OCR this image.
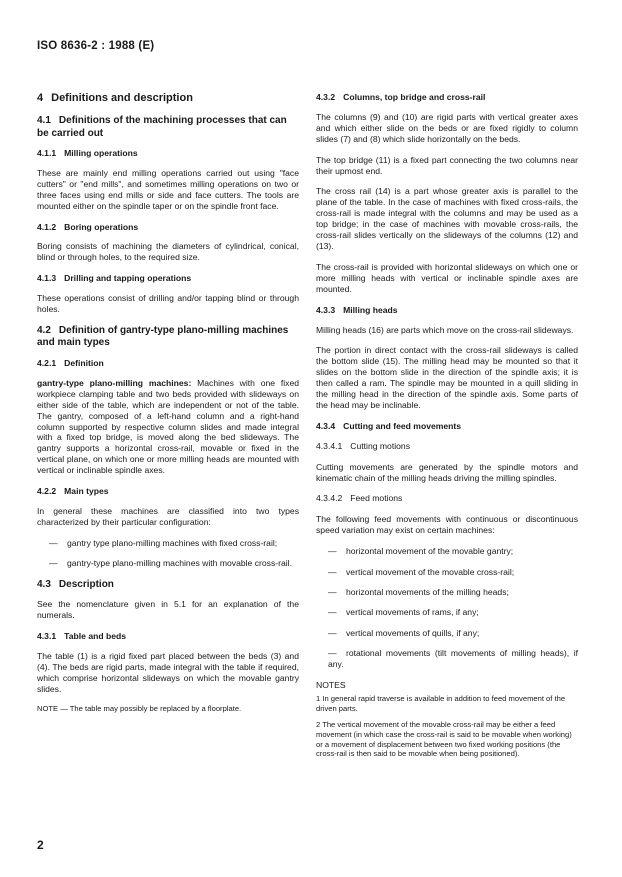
ISO 8636-2 : 1988 (E)
4 Definitions and description
4.1 Definitions of the machining processes that can be carried out
4.1.1 Milling operations

These are mainly end milling operations carried out using "face cutters" or "end mills", and sometimes milling operations on two or three faces using end mills or side and face cutters. The tools are mounted either on the spindle taper or on the spindle front face.

4.1.2 Boring operations

Boring consists of machining the diameters of cylindrical, conical, blind or through holes, to the required size.

4.1.3 Drilling and tapping operations

These operations consist of drilling and/or tapping blind or through holes.

4.2 Definition of gantry-type plano-milling machines and main types
4.2.1 Definition

gantry-type plano-milling machines: Machines with one fixed workpiece clamping table and two beds provided with slideways on either side of the table, which are independent or not of the table. The gantry, composed of a left-hand column and a right-hand column supported by respective column slides and made integral with a fixed top bridge, is moved along the bed slideways. The gantry supports a horizontal cross-rail, movable or fixed in the vertical plane, on which one or more milling heads are mounted with vertical or inclinable spindle axes.

4.2.2 Main types

In general these machines are classified into two types characterized by their particular configuration:

— gantry type plano-milling machines with fixed cross-rail;
— gantry-type plano-milling machines with movable cross-rail.
4.3 Description

See the nomenclature given in 5.1 for an explanation of the numerals.

4.3.1 Table and beds

The table (1) is a rigid fixed part placed between the beds (3) and (4). The beds are rigid parts, made integral with the table if required, which comprise horizontal slideways on which the movable gantry slides.

NOTE — The table may possibly be replaced by a floorplate.
4.3.2 Columns, top bridge and cross-rail

The columns (9) and (10) are rigid parts with vertical greater axes and which either slide on the beds or are fixed rigidly to column slides (7) and (8) which slide horizontally on the beds.

The top bridge (11) is a fixed part connecting the two columns near their upmost end.

The cross rail (14) is a part whose greater axis is parallel to the plane of the table. In the case of machines with fixed cross-rails, the cross-rail is made integral with the columns and may be used as a top bridge; in the case of machines with movable cross-rails, the cross-rail slides vertically on the slideways of the columns (12) and (13).

The cross-rail is provided with horizontal slideways on which one or more milling heads with vertical or inclinable spindle axes are mounted.

4.3.3 Milling heads

Milling heads (16) are parts which move on the cross-rail slideways.

The portion in direct contact with the cross-rail slideways is called the bottom slide (15). The milling head may be mounted so that it slides on the bottom slide in the direction of the spindle axis; it is then called a ram. The spindle may be mounted in a quill sliding in the milling head in the direction of the spindle axis. Some parts of the head may be inclinable.

4.3.4 Cutting and feed movements
4.3.4.1 Cutting motions

Cutting movements are generated by the spindle motors and kinematic chain of the milling heads driving the milling spindles.

4.3.4.2 Feed motions

The following feed movements with continuous or discontinuous speed variation may exist on certain machines:

— horizontal movement of the movable gantry;
— vertical movement of the movable cross-rail;
— horizontal movements of the milling heads;
— vertical movements of rams, if any;
— vertical movements of quills, if any;
— rotational movements (tilt movements of milling heads), if any.
NOTES
1 In general rapid traverse is available in addition to feed movement of the driven parts.
2 The vertical movement of the movable cross-rail may be either a feed movement (in which case the cross-rail is said to be movable when working) or a movement of displacement between two fixed working positions (the cross-rail is then said to be movable when being positioned).
2
